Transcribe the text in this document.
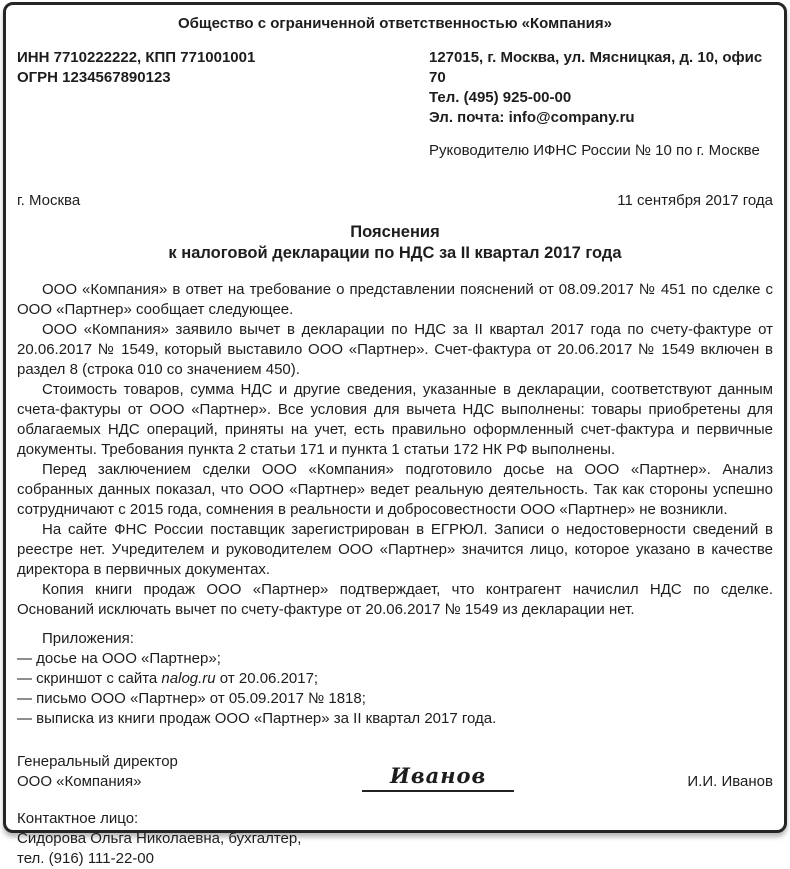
Общество с ограниченной ответственностью «Компания»
ИНН 7710222222, КПП 771001001
ОГРН 1234567890123
127015, г. Москва, ул. Мясницкая, д. 10, офис 70
Тел. (495) 925-00-00
Эл. почта: info@company.ru
Руководителю ИФНС России № 10 по г. Москве
г. Москва	11 сентября 2017 года
Пояснения
к налоговой декларации по НДС за II квартал 2017 года

ООО «Компания» в ответ на требование о представлении пояснений от 08.09.2017 № 451 по сделке с ООО «Партнер» сообщает следующее.

ООО «Компания» заявило вычет в декларации по НДС за II квартал 2017 года по счету-фактуре от 20.06.2017 № 1549, который выставило ООО «Партнер». Счет-фактура от 20.06.2017 № 1549 включен в раздел 8 (строка 010 со значением 450).

Стоимость товаров, сумма НДС и другие сведения, указанные в декларации, соответствуют данным счета-фактуры от ООО «Партнер». Все условия для вычета НДС выполнены: товары приобретены для облагаемых НДС операций, приняты на учет, есть правильно оформленный счет-фактура и первичные документы. Требования пункта 2 статьи 171 и пункта 1 статьи 172 НК РФ выполнены.

Перед заключением сделки ООО «Компания» подготовило досье на ООО «Партнер». Анализ собранных данных показал, что ООО «Партнер» ведет реальную деятельность. Так как стороны успешно сотрудничают с 2015 года, сомнения в реальности и добросовестности ООО «Партнер» не возникли.

На сайте ФНС России поставщик зарегистрирован в ЕГРЮЛ. Записи о недостоверности сведений в реестре нет. Учредителем и руководителем ООО «Партнер» значится лицо, которое указано в качестве директора в первичных документах.

Копия книги продаж ООО «Партнер» подтверждает, что контрагент начислил НДС по сделке. Оснований исключать вычет по счету-фактуре от 20.06.2017 № 1549 из декларации нет.

Приложения:

— досье на ООО «Партнер»;
— скриншот с сайта nalog.ru от 20.06.2017;
— письмо ООО «Партнер» от 05.09.2017 № 1818;
— выписка из книги продаж ООО «Партнер» за II квартал 2017 года.
Генеральный директор
ООО «Компания»	Иванов	И.И. Иванов
Контактное лицо:
Сидорова Ольга Николаевна, бухгалтер,
тел. (916) 111-22-00
